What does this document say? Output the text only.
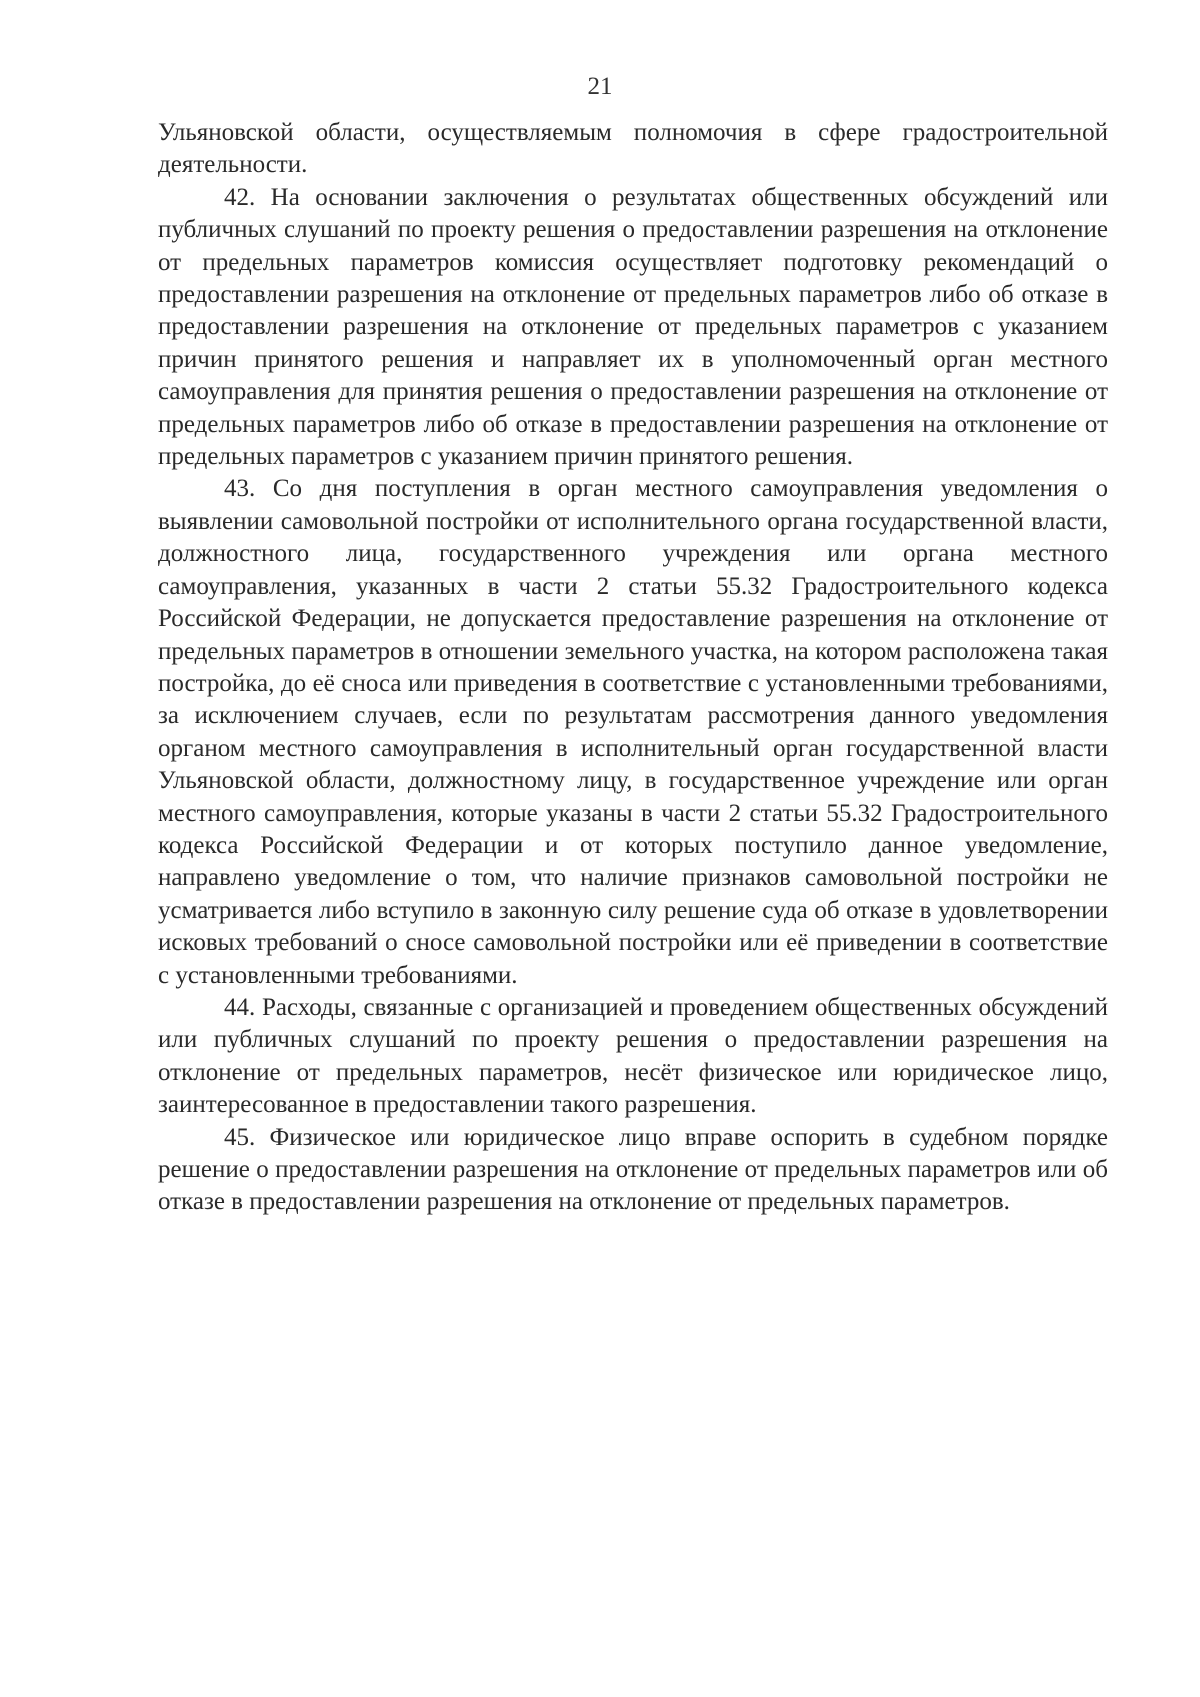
21

Ульяновской области, осуществляемым полномочия в сфере градостроительной деятельности.

42. На основании заключения о результатах общественных обсуждений или публичных слушаний по проекту решения о предоставлении разрешения на отклонение от предельных параметров комиссия осуществляет подготовку рекомендаций о предоставлении разрешения на отклонение от предельных параметров либо об отказе в предоставлении разрешения на отклонение от предельных параметров с указанием причин принятого решения и направляет их в уполномоченный орган местного самоуправления для принятия решения о предоставлении разрешения на отклонение от предельных параметров либо об отказе в предоставлении разрешения на отклонение от предельных параметров с указанием причин принятого решения.

43. Со дня поступления в орган местного самоуправления уведомления о выявлении самовольной постройки от исполнительного органа государственной власти, должностного лица, государственного учреждения или органа местного самоуправления, указанных в части 2 статьи 55.32 Градостроительного кодекса Российской Федерации, не допускается предоставление разрешения на отклонение от предельных параметров в отношении земельного участка, на котором расположена такая постройка, до её сноса или приведения в соответствие с установленными требованиями, за исключением случаев, если по результатам рассмотрения данного уведомления органом местного самоуправления в исполнительный орган государственной власти Ульяновской области, должностному лицу, в государственное учреждение или орган местного самоуправления, которые указаны в части 2 статьи 55.32 Градостроительного кодекса Российской Федерации и от которых поступило данное уведомление, направлено уведомление о том, что наличие признаков самовольной постройки не усматривается либо вступило в законную силу решение суда об отказе в удовлетворении исковых требований о сносе самовольной постройки или её приведении в соответствие с установленными требованиями.

44. Расходы, связанные с организацией и проведением общественных обсуждений или публичных слушаний по проекту решения о предоставлении разрешения на отклонение от предельных параметров, несёт физическое или юридическое лицо, заинтересованное в предоставлении такого разрешения.

45. Физическое или юридическое лицо вправе оспорить в судебном порядке решение о предоставлении разрешения на отклонение от предельных параметров или об отказе в предоставлении разрешения на отклонение от предельных параметров.
